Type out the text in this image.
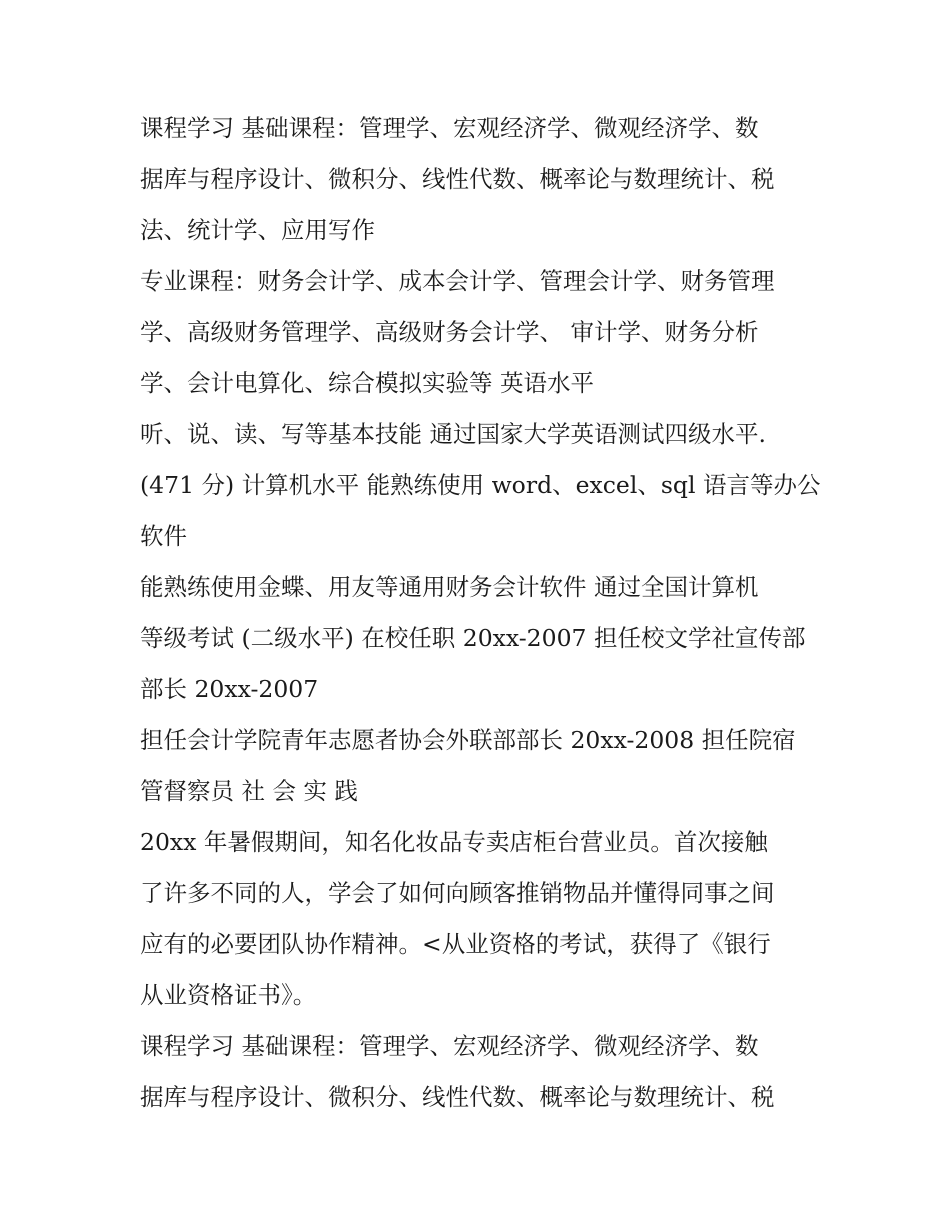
课程学习 基础课程：管理学、宏观经济学、微观经济学、数
据库与程序设计、微积分、线性代数、概率论与数理统计、税
法、统计学、应用写作
专业课程：财务会计学、成本会计学、管理会计学、财务管理
学、高级财务管理学、高级财务会计学、 审计学、财务分析
学、会计电算化、综合模拟实验等 英语水平
听、说、读、写等基本技能 通过国家大学英语测试四级水平.
(471 分) 计算机水平 能熟练使用 word、excel、sql 语言等办公
软件
能熟练使用金蝶、用友等通用财务会计软件 通过全国计算机
等级考试 (二级水平) 在校任职 20xx-2007 担任校文学社宣传部
部长 20xx-2007
担任会计学院青年志愿者协会外联部部长 20xx-2008 担任院宿
管督察员 社 会 实 践
20xx 年暑假期间，知名化妆品专卖店柜台营业员。首次接触
了许多不同的人，学会了如何向顾客推销物品并懂得同事之间
应有的必要团队协作精神。<从业资格的考试，获得了《银行
从业资格证书》。
课程学习 基础课程：管理学、宏观经济学、微观经济学、数
据库与程序设计、微积分、线性代数、概率论与数理统计、税
